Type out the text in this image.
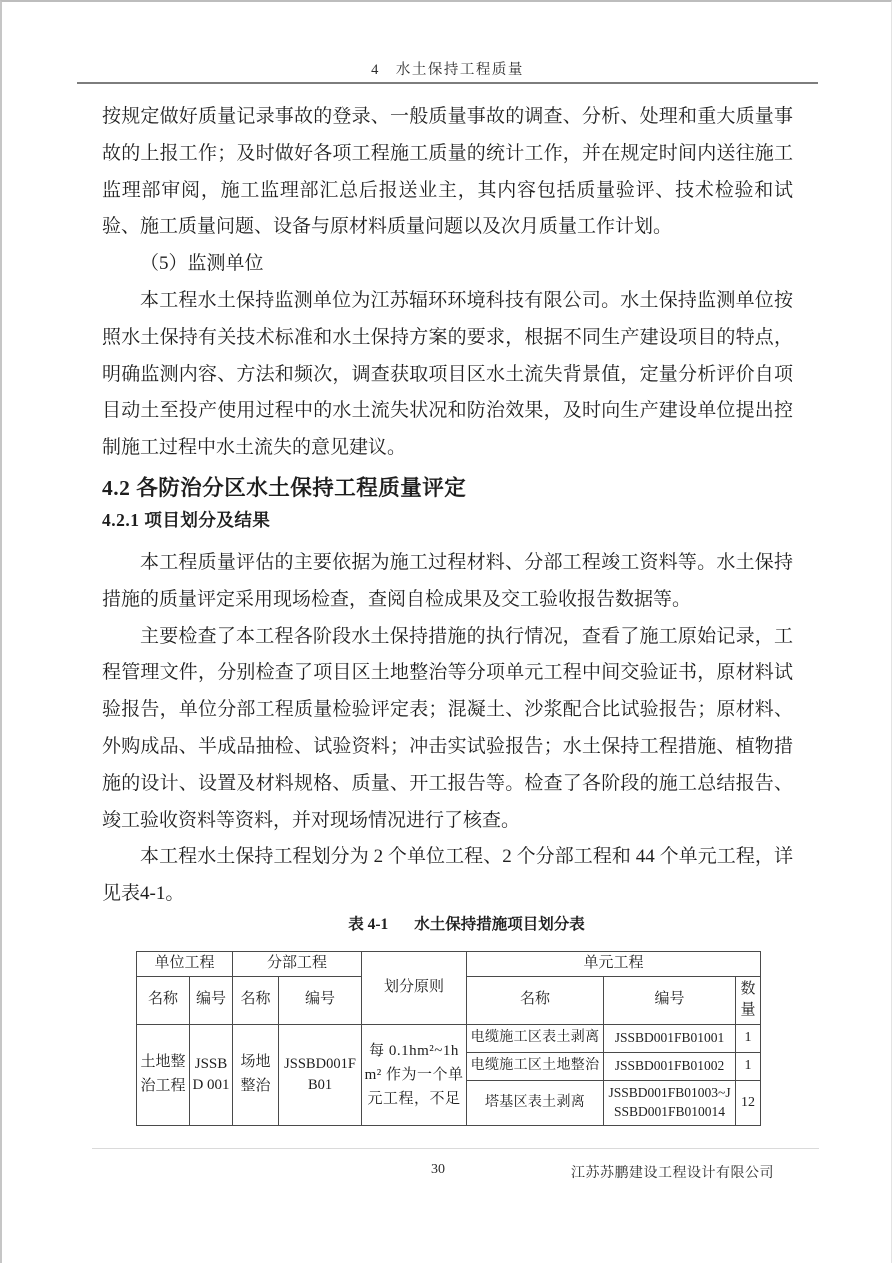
4　水土保持工程质量

按规定做好质量记录事故的登录、一般质量事故的调查、分析、处理和重大质量事故的上报工作；及时做好各项工程施工质量的统计工作，并在规定时间内送往施工监理部审阅，施工监理部汇总后报送业主，其内容包括质量验评、技术检验和试验、施工质量问题、设备与原材料质量问题以及次月质量工作计划。

（5）监测单位

本工程水土保持监测单位为江苏辐环环境科技有限公司。水土保持监测单位按照水土保持有关技术标准和水土保持方案的要求，根据不同生产建设项目的特点，明确监测内容、方法和频次，调查获取项目区水土流失背景值，定量分析评价自项目动土至投产使用过程中的水土流失状况和防治效果，及时向生产建设单位提出控制施工过程中水土流失的意见建议。

4.2 各防治分区水土保持工程质量评定
4.2.1 项目划分及结果

本工程质量评估的主要依据为施工过程材料、分部工程竣工资料等。水土保持措施的质量评定采用现场检查，查阅自检成果及交工验收报告数据等。

主要检查了本工程各阶段水土保持措施的执行情况，查看了施工原始记录，工程管理文件，分别检查了项目区土地整治等分项单元工程中间交验证书，原材料试验报告，单位分部工程质量检验评定表；混凝土、沙浆配合比试验报告；原材料、外购成品、半成品抽检、试验资料；冲击实试验报告；水土保持工程措施、植物措施的设计、设置及材料规格、质量、开工报告等。检查了各阶段的施工总结报告、竣工验收资料等资料，并对现场情况进行了核查。

本工程水土保持工程划分为 2 个单位工程、2 个分部工程和 44 个单元工程，详见表4-1。

表 4-1 水土保持措施项目划分表

单位工程		分部工程		划分原则	单元工程		
名称	编号	名称	编号		名称	编号	数量
土地整治工程	JSSBD 001	场地整治	JSSBD001FB01	每 0.1hm²~1hm² 作为一个单元工程，不足	电缆施工区表土剥离	JSSBD001FB01001	1
					电缆施工区土地整治	JSSBD001FB01002	1
					塔基区表土剥离	JSSBD001FB01003~JSSBD001FB010014	12
30	江苏苏鹏建设工程设计有限公司
